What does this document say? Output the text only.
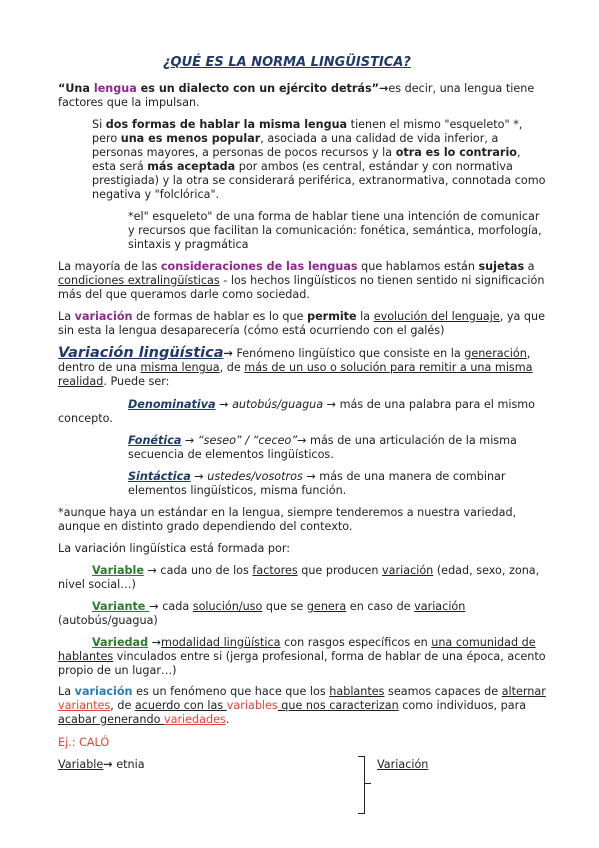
¿QUÉ ES LA NORMA LINGÜISTICA?
“Una lengua es un dialecto con un ejército detrás”→es decir, una lengua tiene
factores que la impulsan.
Si dos formas de hablar la misma lengua tienen el mismo "esqueleto" *,
pero una es menos popular, asociada a una calidad de vida inferior, a
personas mayores, a personas de pocos recursos y la otra es lo contrario,
esta será más aceptada por ambos (es central, estándar y con normativa
prestigiada) y la otra se considerará periférica, extranormativa, connotada como
negativa y "folclórica".
*el" esqueleto" de una forma de hablar tiene una intención de comunicar
y recursos que facilitan la comunicación: fonética, semántica, morfología,
sintaxis y pragmática
La mayoría de las consideraciones de las lenguas que hablamos están sujetas a
condiciones extralingüísticas - los hechos lingüísticos no tienen sentido ni significación
más del que queramos darle como sociedad.
La variación de formas de hablar es lo que permite la evolución del lenguaje, ya que
sin esta la lengua desaparecería (cómo está ocurriendo con el galés)
Variación lingüística→ Fenómeno lingüístico que consiste en la generación,
dentro de una misma lengua, de más de un uso o solución para remitir a una misma
realidad. Puede ser:
Denominativa → autobús/guagua → más de una palabra para el mismo
concepto.
Fonética → “seseo” / “ceceo”→ más de una articulación de la misma
secuencia de elementos lingüísticos.
Sintáctica → ustedes/vosotros → más de una manera de combinar
elementos lingüísticos, misma función.
*aunque haya un estándar en la lengua, siempre tenderemos a nuestra variedad,
aunque en distinto grado dependiendo del contexto.
La variación lingüística está formada por:
Variable → cada uno de los factores que producen variación (edad, sexo, zona,
nivel social…)
Variante → cada solución/uso que se genera en caso de variación
(autobús/guagua)
Variedad →modalidad lingüística con rasgos específicos en una comunidad de
hablantes vinculados entre si (jerga profesional, forma de hablar de una época, acento
propio de un lugar…)
La variación es un fenómeno que hace que los hablantes seamos capaces de alternar
variantes, de acuerdo con las variables que nos caracterizan como individuos, para
acabar generando variedades.
Ej.: CALÓ
Variable→ etnia	Variación
